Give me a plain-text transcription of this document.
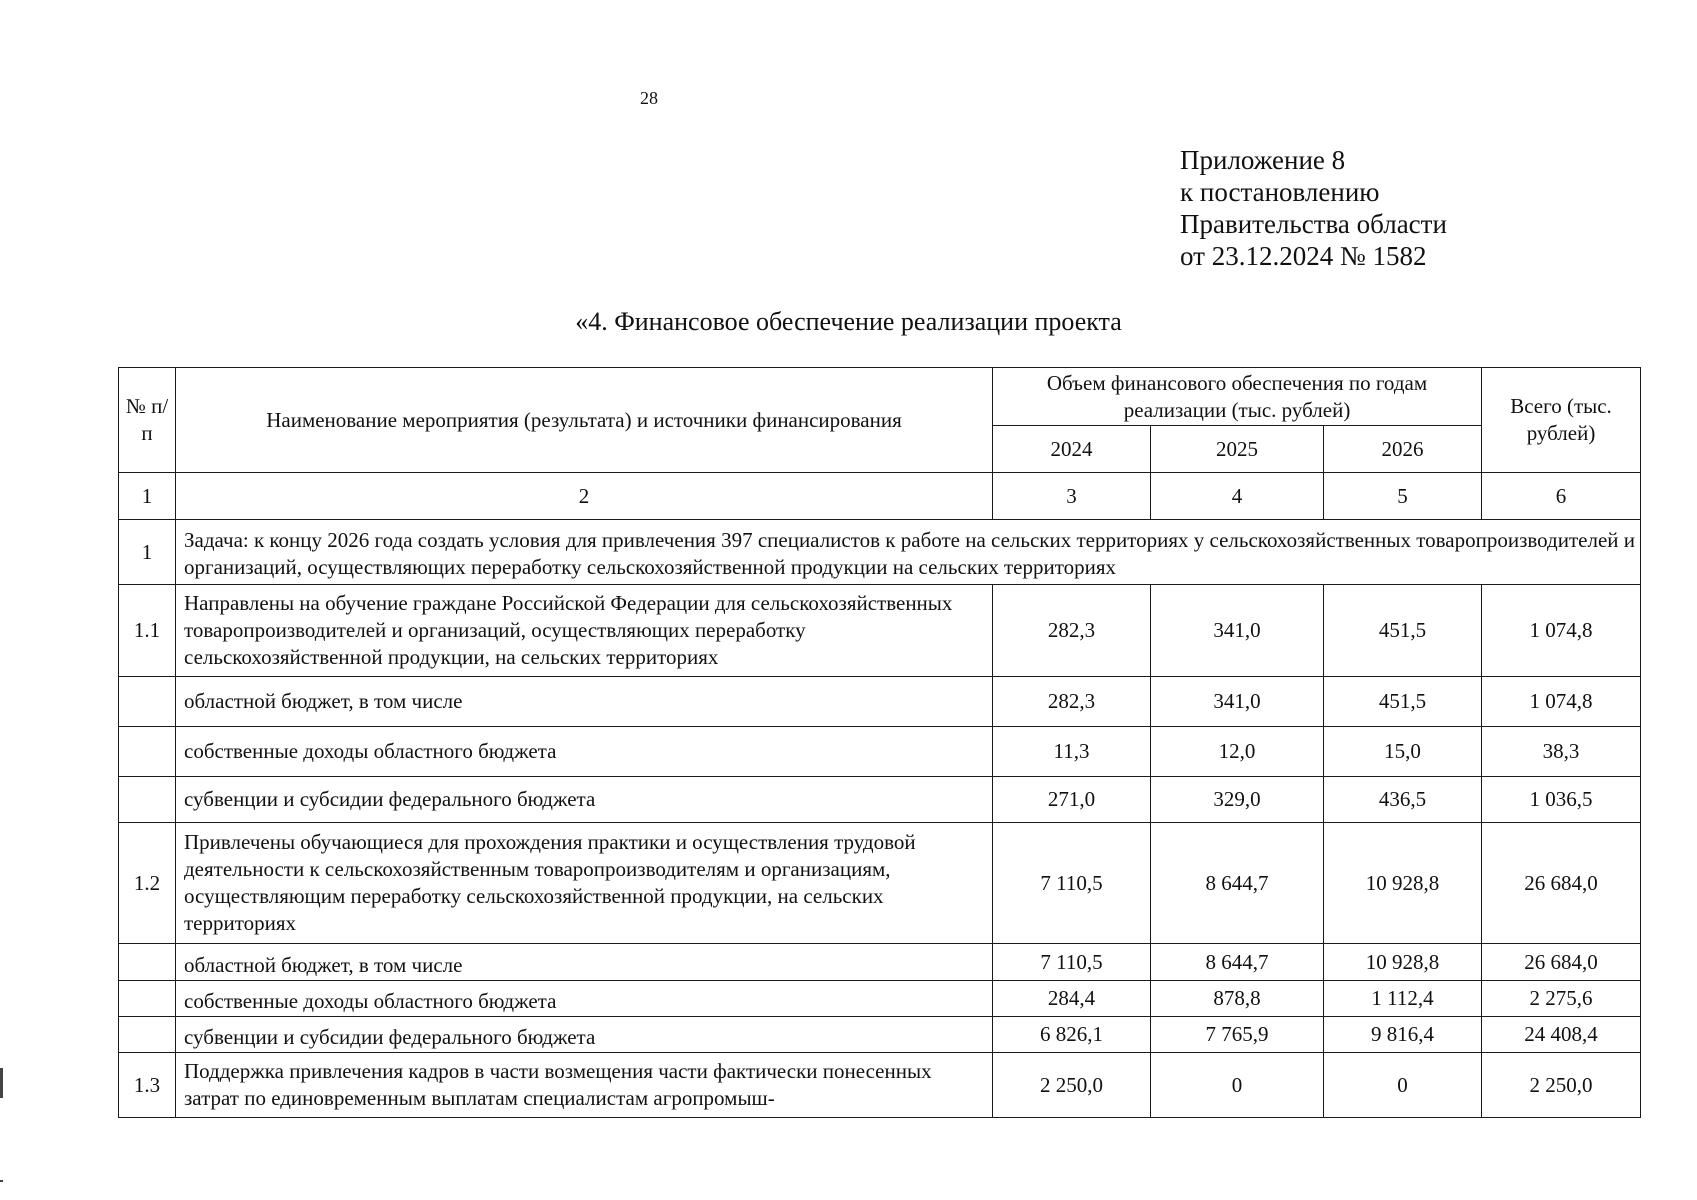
28
Приложение 8
к постановлению
Правительства области
от 23.12.2024 № 1582
«4. Финансовое обеспечение реализации проекта
№ п/п	Наименование мероприятия (результата) и источники финансирования	Объем финансового обеспечения по годам реализации (тыс. рублей)			Всего (тыс. рублей)
		2024	2025	2026	
1	2	3	4	5	6
1	Задача: к концу 2026 года создать условия для привлечения 397 специалистов к работе на сельских территориях у сельскохозяйственных товаропроизводителей и организаций, осуществляющих переработку сельскохозяйственной продукции на сельских территориях				
1.1	Направлены на обучение граждане Российской Федерации для сельскохозяйственных товаропроизводителей и организаций, осуществляющих переработку сельскохозяйственной продукции, на сельских территориях	282,3	341,0	451,5	1 074,8
	областной бюджет, в том числе	282,3	341,0	451,5	1 074,8
	собственные доходы областного бюджета	11,3	12,0	15,0	38,3
	субвенции и субсидии федерального бюджета	271,0	329,0	436,5	1 036,5
1.2	Привлечены обучающиеся для прохождения практики и осуществления трудовой деятельности к сельскохозяйственным товаропроизводителям и организациям, осуществляющим переработку сельскохозяйственной продукции, на сельских территориях	7 110,5	8 644,7	10 928,8	26 684,0
	областной бюджет, в том числе	7 110,5	8 644,7	10 928,8	26 684,0
	собственные доходы областного бюджета	284,4	878,8	1 112,4	2 275,6
	субвенции и субсидии федерального бюджета	6 826,1	7 765,9	9 816,4	24 408,4
1.3	Поддержка привлечения кадров в части возмещения части фактически понесенных затрат по единовременным выплатам специалистам агропромыш-	2 250,0	0	0	2 250,0
